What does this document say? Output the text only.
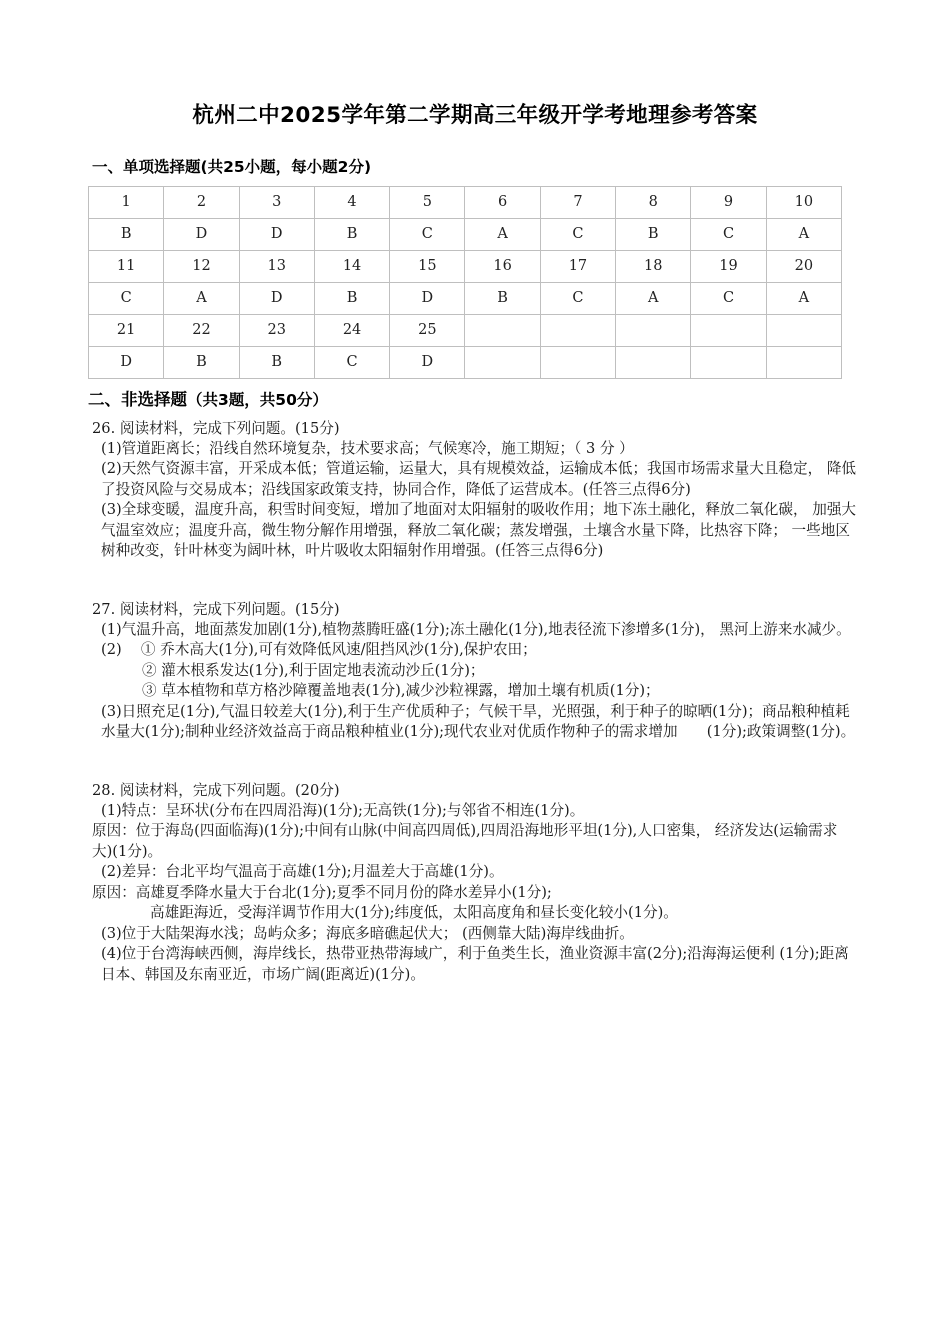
杭州二中2025学年第二学期高三年级开学考地理参考答案
一、单项选择题(共25小题，每小题2分)
1	2	3	4	5	6	7	8	9	10
B	D	D	B	C	A	C	B	C	A
11	12	13	14	15	16	17	18	19	20
C	A	D	B	D	B	C	A	C	A
21	22	23	24	25					
D	B	B	C	D					
二、非选择题（共3题，共50分）
26. 阅读材料，完成下列问题。(15分)
(1)管道距离长；沿线自然环境复杂，技术要求高；气候寒冷，施工期短；（ 3 分 ）
(2)天然气资源丰富，开采成本低；管道运输，运量大，具有规模效益，运输成本低；我国市场需求量大且稳定， 降低了投资风险与交易成本；沿线国家政策支持，协同合作，降低了运营成本。(任答三点得6分)
(3)全球变暖，温度升高，积雪时间变短，增加了地面对太阳辐射的吸收作用；地下冻土融化，释放二氧化碳， 加强大气温室效应；温度升高，微生物分解作用增强，释放二氧化碳；蒸发增强，土壤含水量下降，比热容下降； 一些地区树种改变，针叶林变为阔叶林，叶片吸收太阳辐射作用增强。(任答三点得6分)
27. 阅读材料，完成下列问题。(15分)
(1)气温升高，地面蒸发加剧(1分),植物蒸腾旺盛(1分);冻土融化(1分),地表径流下渗增多(1分)， 黑河上游来水减少。
(2)　 ① 乔木高大(1分),可有效降低风速/阻挡风沙(1分),保护农田；
② 灌木根系发达(1分),利于固定地表流动沙丘(1分)；
③ 草本植物和草方格沙障覆盖地表(1分),减少沙粒裸露，增加土壤有机质(1分)；
(3)日照充足(1分),气温日较差大(1分),利于生产优质种子；气候干旱，光照强，利于种子的晾晒(1分)；商品粮种植耗水量大(1分);制种业经济效益高于商品粮种植业(1分);现代农业对优质作物种子的需求增加　　(1分);政策调整(1分)。
28. 阅读材料，完成下列问题。(20分)
(1)特点：呈环状(分布在四周沿海)(1分);无高铁(1分);与邻省不相连(1分)。
原因：位于海岛(四面临海)(1分);中间有山脉(中间高四周低),四周沿海地形平坦(1分),人口密集， 经济发达(运输需求大)(1分)。
(2)差异：台北平均气温高于高雄(1分);月温差大于高雄(1分)。
原因：高雄夏季降水量大于台北(1分);夏季不同月份的降水差异小(1分);
高雄距海近，受海洋调节作用大(1分);纬度低，太阳高度角和昼长变化较小(1分)。
(3)位于大陆架海水浅；岛屿众多；海底多暗礁起伏大； (西侧靠大陆)海岸线曲折。
(4)位于台湾海峡西侧，海岸线长，热带亚热带海域广，利于鱼类生长，渔业资源丰富(2分);沿海海运便利 (1分);距离日本、韩国及东南亚近，市场广阔(距离近)(1分)。
